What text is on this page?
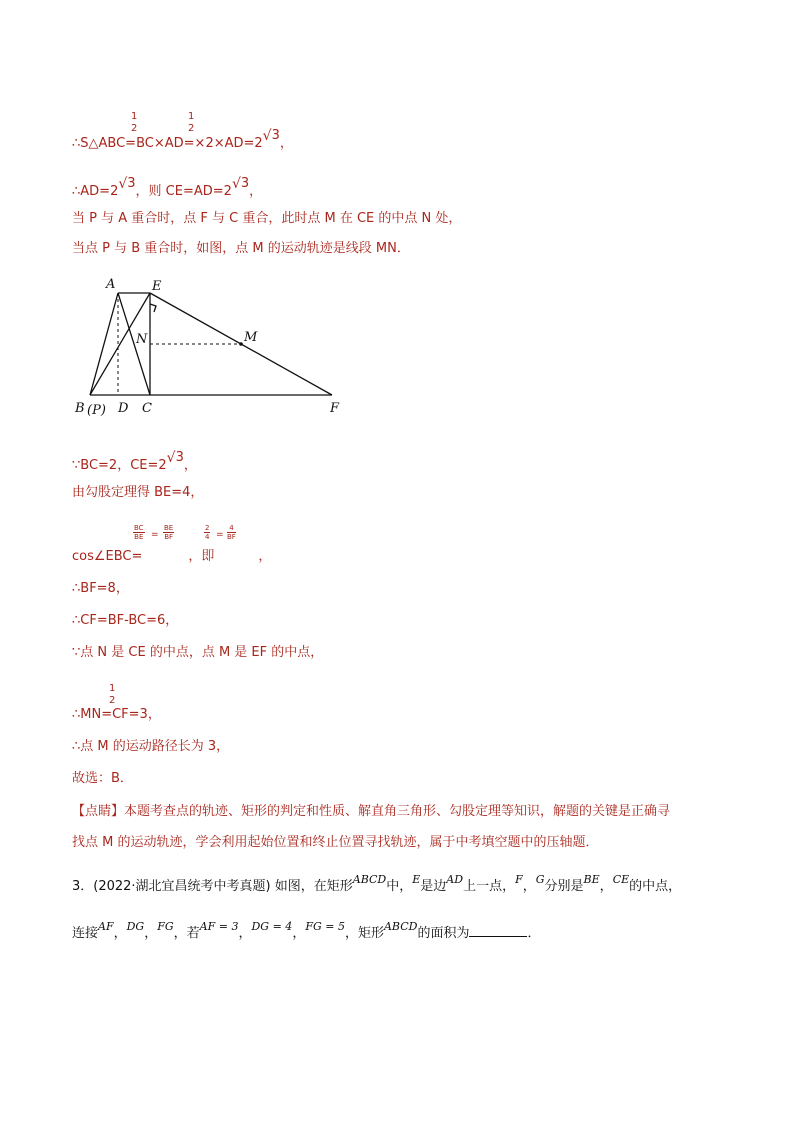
∴S△ABC=BC×AD=×2×AD=2√3，
1
2
1
2
∴AD=2√3，则 CE=AD=2√3，
当 P 与 A 重合时，点 F 与 C 重合，此时点 M 在 CE 的中点 N 处，
当点 P 与 B 重合时，如图，点 M 的运动轨迹是线段 MN．
A	E
N	M
B (P) D C	F
∵BC=2，CE=2√3，
由勾股定理得 BE=4，
cos∠EBC=	，即	，
$\frac{BC}{BE} = \frac{BE}{BF}$	$\frac{2}{4} = \frac{4}{BF}$
∴BF=8，
∴CF=BF-BC=6，
∵点 N 是 CE 的中点，点 M 是 EF 的中点，
∴MN=CF=3，
1
2
∴点 M 的运动路径长为 3，
故选：B．
【点睛】本题考查点的轨迹、矩形的判定和性质、解直角三角形、勾股定理等知识，解题的关键是正确寻
找点 M 的运动轨迹，学会利用起始位置和终止位置寻找轨迹，属于中考填空题中的压轴题．
3．(2022·湖北宜昌统考中考真题) 如图，在矩形$^{ABCD}$中，$^E$是边$^{AD}$上一点，$^F$，$^G$分别是$^{BE}$，$^{CE}$的中点，
连接$^{AF}$，$^{DG}$，$^{FG}$，若$^{AF = 3}$，$^{DG = 4}$，$^{FG = 5}$，矩形$^{ABCD}$的面积为	．
